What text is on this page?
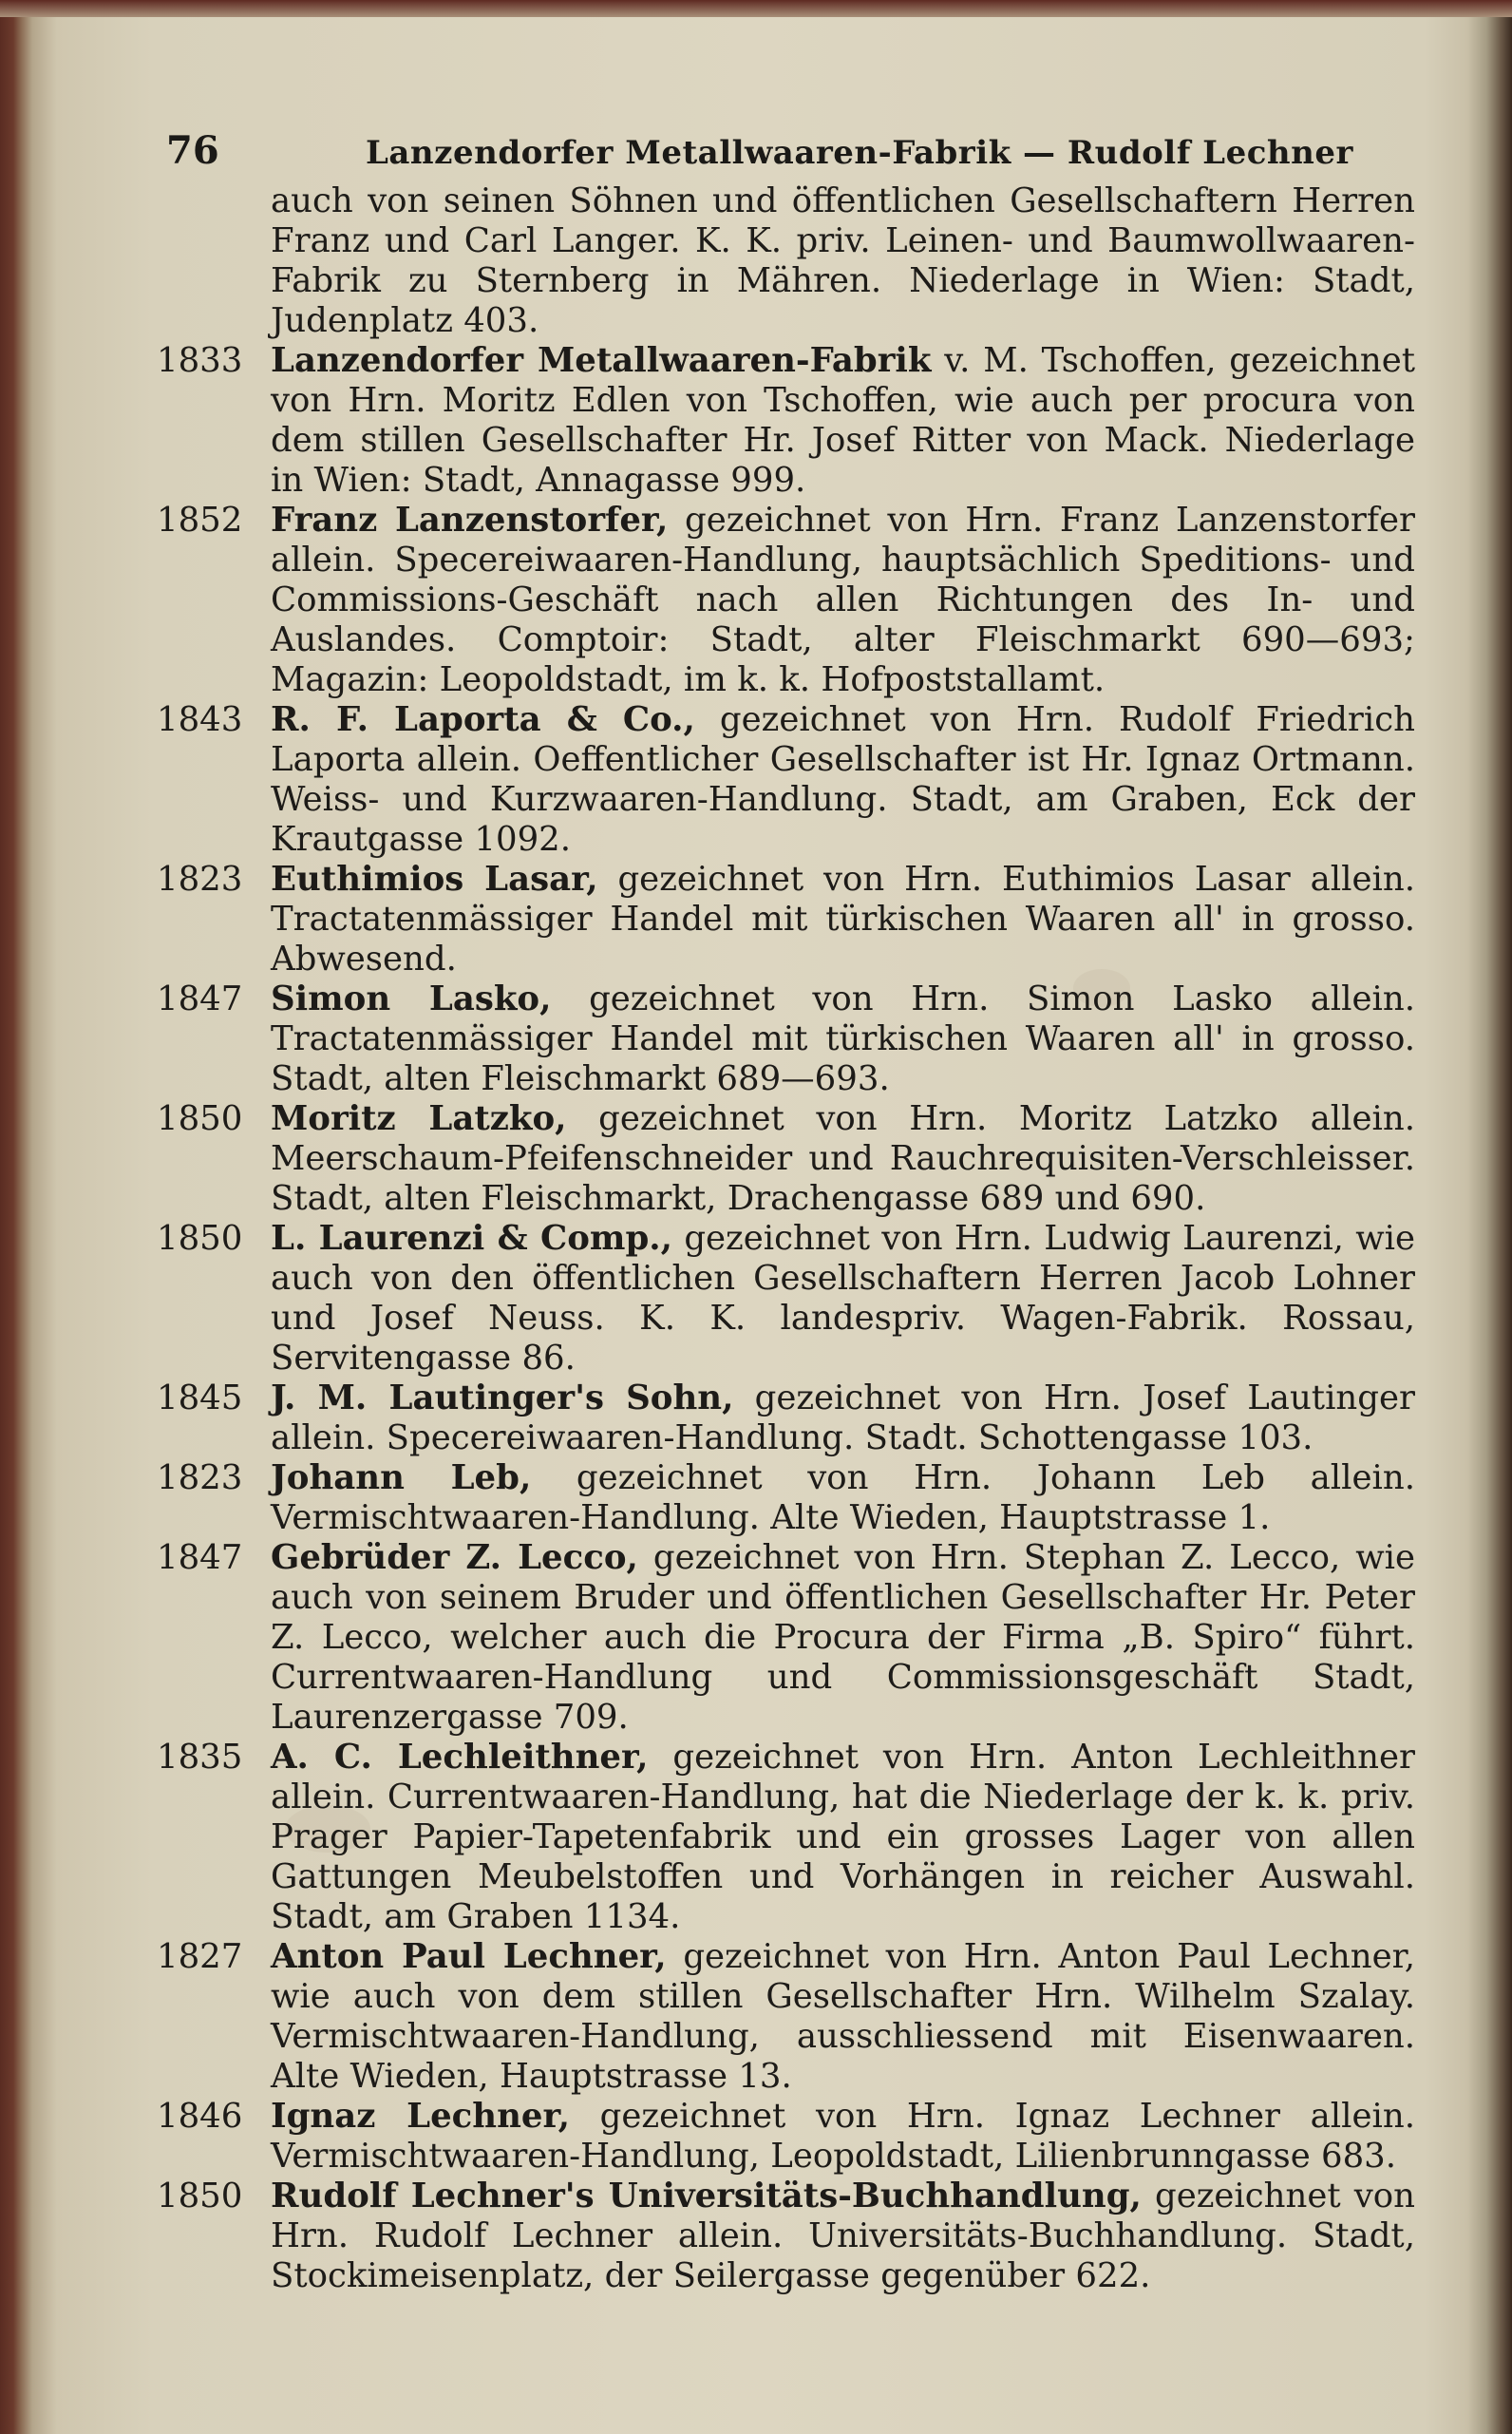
76	Lanzendorfer Metallwaaren-Fabrik — Rudolf Lechner
auch von seinen Söhnen und öffentlichen Gesellschaftern Herren Franz und Carl Langer. K. K. priv. Leinen- und Baumwollwaaren-Fabrik zu Sternberg in Mähren. Niederlage in Wien: Stadt, Judenplatz 403.
1833 Lanzendorfer Metallwaaren-Fabrik v. M. Tschoffen, gezeichnet von Hrn. Moritz Edlen von Tschoffen, wie auch per procura von dem stillen Gesellschafter Hr. Josef Ritter von Mack. Niederlage in Wien: Stadt, Annagasse 999.
1852 Franz Lanzenstorfer, gezeichnet von Hrn. Franz Lanzenstorfer allein. Specereiwaaren-Handlung, hauptsächlich Speditions- und Commissions-Geschäft nach allen Richtungen des In- und Auslandes. Comptoir: Stadt, alter Fleischmarkt 690—693; Magazin: Leopoldstadt, im k. k. Hofpoststallamt.
1843 R. F. Laporta & Co., gezeichnet von Hrn. Rudolf Friedrich Laporta allein. Oeffentlicher Gesellschafter ist Hr. Ignaz Ortmann. Weiss- und Kurzwaaren-Handlung. Stadt, am Graben, Eck der Krautgasse 1092.
1823 Euthimios Lasar, gezeichnet von Hrn. Euthimios Lasar allein. Tractatenmässiger Handel mit türkischen Waaren all' in grosso. Abwesend.
1847 Simon Lasko, gezeichnet von Hrn. Simon Lasko allein. Tractatenmässiger Handel mit türkischen Waaren all' in grosso. Stadt, alten Fleischmarkt 689—693.
1850 Moritz Latzko, gezeichnet von Hrn. Moritz Latzko allein. Meerschaum-Pfeifenschneider und Rauchrequisiten-Verschleisser. Stadt, alten Fleischmarkt, Drachengasse 689 und 690.
1850 L. Laurenzi & Comp., gezeichnet von Hrn. Ludwig Laurenzi, wie auch von den öffentlichen Gesellschaftern Herren Jacob Lohner und Josef Neuss. K. K. landespriv. Wagen-Fabrik. Rossau, Servitengasse 86.
1845 J. M. Lautinger's Sohn, gezeichnet von Hrn. Josef Lautinger allein. Specereiwaaren-Handlung. Stadt. Schottengasse 103.
1823 Johann Leb, gezeichnet von Hrn. Johann Leb allein. Vermischtwaaren-Handlung. Alte Wieden, Hauptstrasse 1.
1847 Gebrüder Z. Lecco, gezeichnet von Hrn. Stephan Z. Lecco, wie auch von seinem Bruder und öffentlichen Gesellschafter Hr. Peter Z. Lecco, welcher auch die Procura der Firma „B. Spiro“ führt. Currentwaaren-Handlung und Commissionsgeschäft Stadt, Laurenzergasse 709.
1835 A. C. Lechleithner, gezeichnet von Hrn. Anton Lechleithner allein. Currentwaaren-Handlung, hat die Niederlage der k. k. priv. Prager Papier-Tapetenfabrik und ein grosses Lager von allen Gattungen Meubelstoffen und Vorhängen in reicher Auswahl. Stadt, am Graben 1134.
1827 Anton Paul Lechner, gezeichnet von Hrn. Anton Paul Lechner, wie auch von dem stillen Gesellschafter Hrn. Wilhelm Szalay. Vermischtwaaren-Handlung, ausschliessend mit Eisenwaaren. Alte Wieden, Hauptstrasse 13.
1846 Ignaz Lechner, gezeichnet von Hrn. Ignaz Lechner allein. Vermischtwaaren-Handlung, Leopoldstadt, Lilienbrunngasse 683.
1850 Rudolf Lechner's Universitäts-Buchhandlung, gezeichnet von Hrn. Rudolf Lechner allein. Universitäts-Buchhandlung. Stadt, Stockimeisenplatz, der Seilergasse gegenüber 622.
